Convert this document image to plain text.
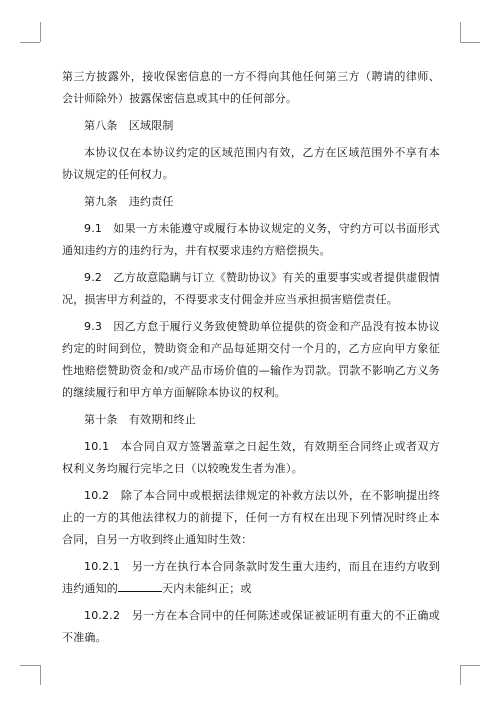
第三方披露外，接收保密信息的一方不得向其他任何第三方（聘请的律师、会计师除外）披露保密信息或其中的任何部分。

第八条　区域限制

本协议仅在本协议约定的区域范围内有效，乙方在区域范围外不享有本协议规定的任何权力。

第九条　违约责任

9.1　如果一方未能遵守或履行本协议规定的义务，守约方可以书面形式通知违约方的违约行为，并有权要求违约方赔偿损失。

9.2　乙方故意隐瞒与订立《赞助协议》有关的重要事实或者提供虚假情况，损害甲方利益的，不得要求支付佣金并应当承担损害赔偿责任。

9.3　因乙方怠于履行义务致使赞助单位提供的资金和产品没有按本协议约定的时间到位，赞助资金和产品每延期交付一个月的，乙方应向甲方象征性地赔偿赞助资金和/或产品市场价值的—输作为罚款。罚款不影响乙方义务的继续履行和甲方单方面解除本协议的权利。

第十条　有效期和终止

10.1　本合同自双方签署盖章之日起生效，有效期至合同终止或者双方权利义务均履行完毕之日（以较晚发生者为准）。

10.2　除了本合同中或根据法律规定的补救方法以外，在不影响提出终止的一方的其他法律权力的前提下，任何一方有权在出现下列情况时终止本合同，自另一方收到终止通知时生效：

10.2.1　另一方在执行本合同条款时发生重大违约，而且在违约方收到违约通知的	天内未能纠正；或

10.2.2　另一方在本合同中的任何陈述或保证被证明有重大的不正确或不准确。
